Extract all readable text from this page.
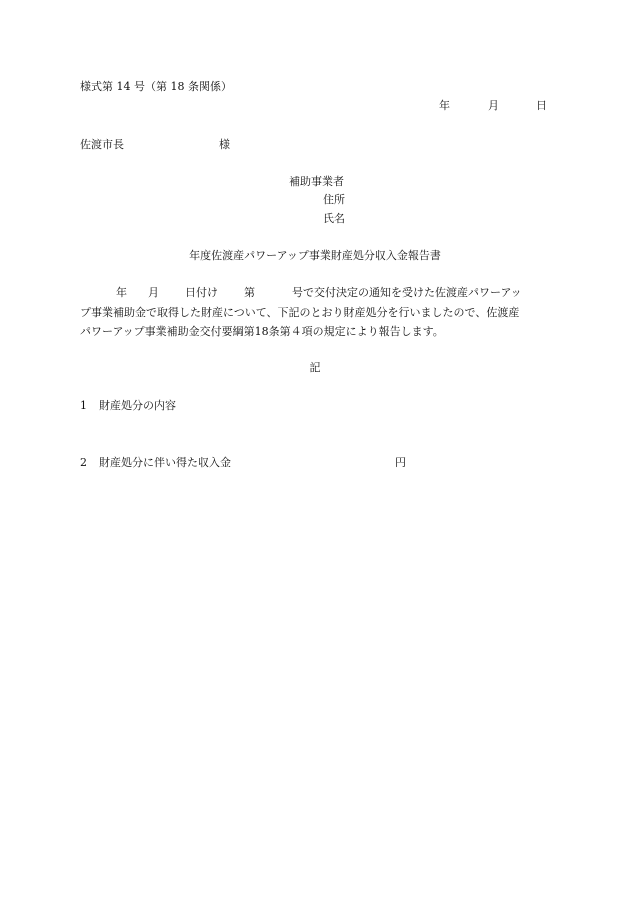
様式第 14 号（第 18 条関係）
年	月	日
佐渡市長	様
補助事業者
住所
氏名
年度佐渡産パワーアップ事業財産処分収入金報告書
年 月 日付け 第	号で交付決定の通知を受けた佐渡産パワーアッ
プ事業補助金で取得した財産について、下記のとおり財産処分を行いましたので、佐渡産
パワーアップ事業補助金交付要綱第18条第４項の規定により報告します。
記
1 財産処分の内容
2 財産処分に伴い得た収入金	円
